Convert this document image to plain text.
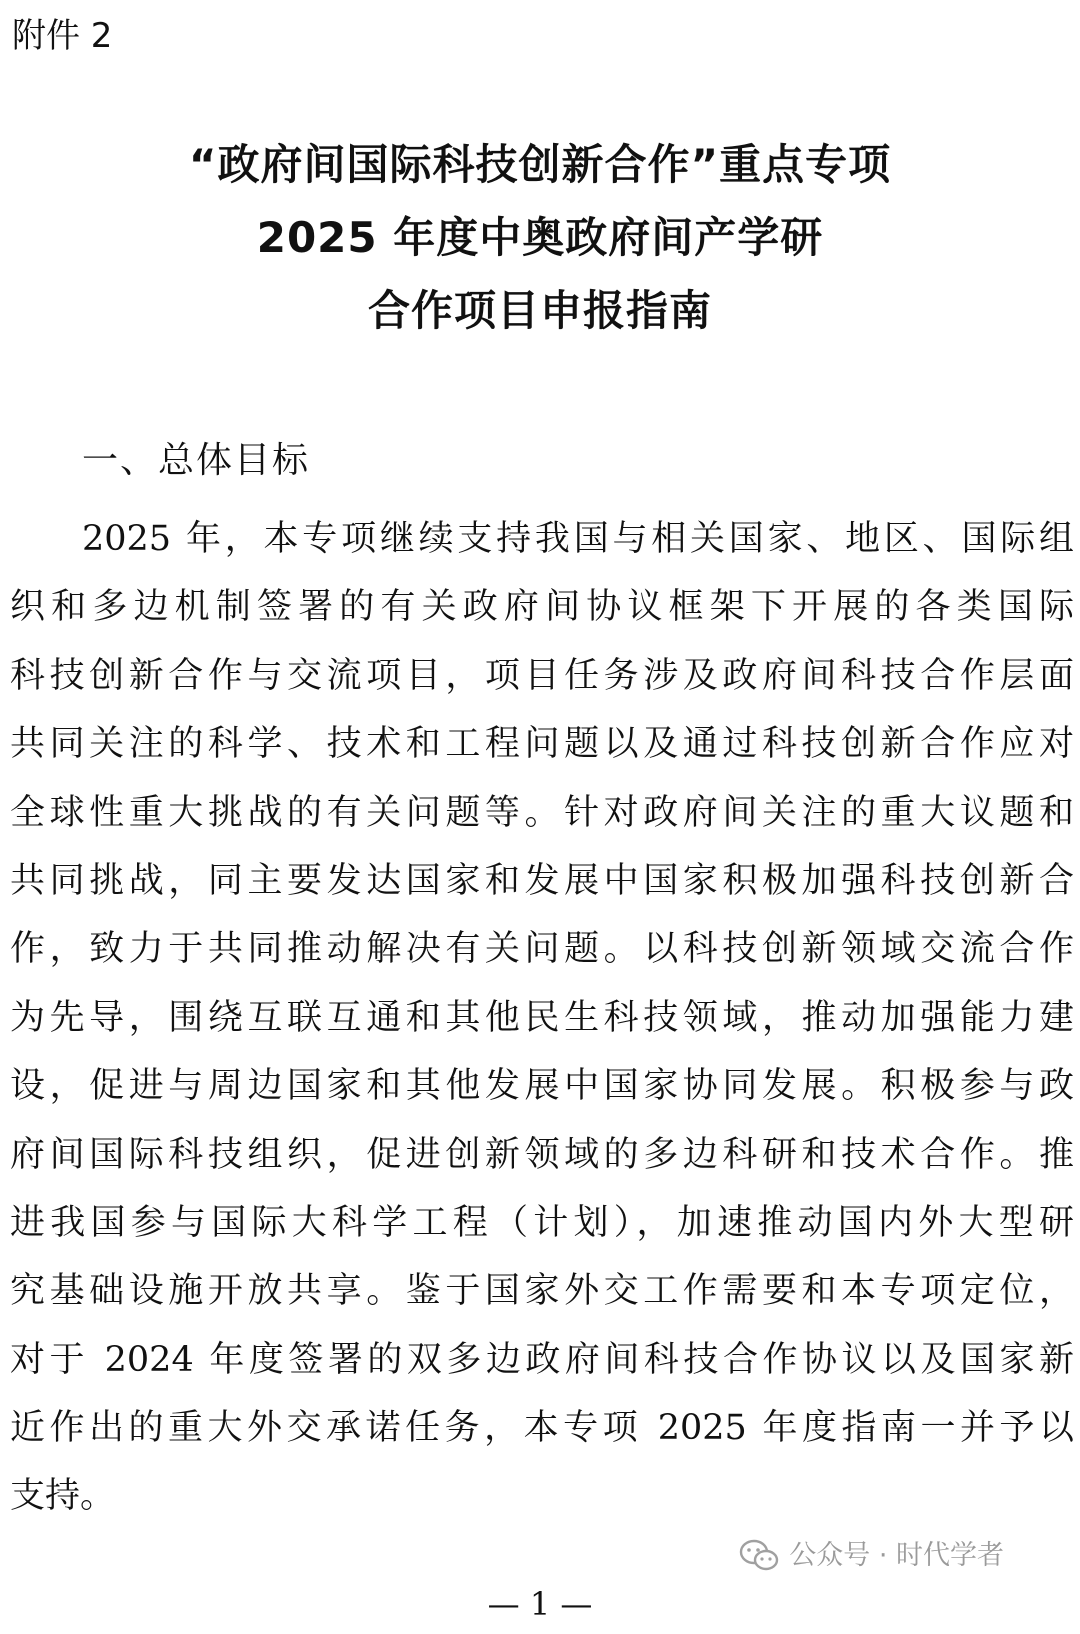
附件 2
“政府间国际科技创新合作”重点专项
2025 年度中奥政府间产学研
合作项目申报指南
一、总体目标
2025 年，本专项继续支持我国与相关国家、地区、国际组
织和多边机制签署的有关政府间协议框架下开展的各类国际
科技创新合作与交流项目，项目任务涉及政府间科技合作层面
共同关注的科学、技术和工程问题以及通过科技创新合作应对
全球性重大挑战的有关问题等。针对政府间关注的重大议题和
共同挑战，同主要发达国家和发展中国家积极加强科技创新合
作，致力于共同推动解决有关问题。以科技创新领域交流合作
为先导，围绕互联互通和其他民生科技领域，推动加强能力建
设，促进与周边国家和其他发展中国家协同发展。积极参与政
府间国际科技组织，促进创新领域的多边科研和技术合作。推
进我国参与国际大科学工程（计划），加速推动国内外大型研
究基础设施开放共享。鉴于国家外交工作需要和本专项定位，
对于 2024 年度签署的双多边政府间科技合作协议以及国家新
近作出的重大外交承诺任务，本专项 2025 年度指南一并予以
支持。
公众号 · 时代学者
— 1 —
